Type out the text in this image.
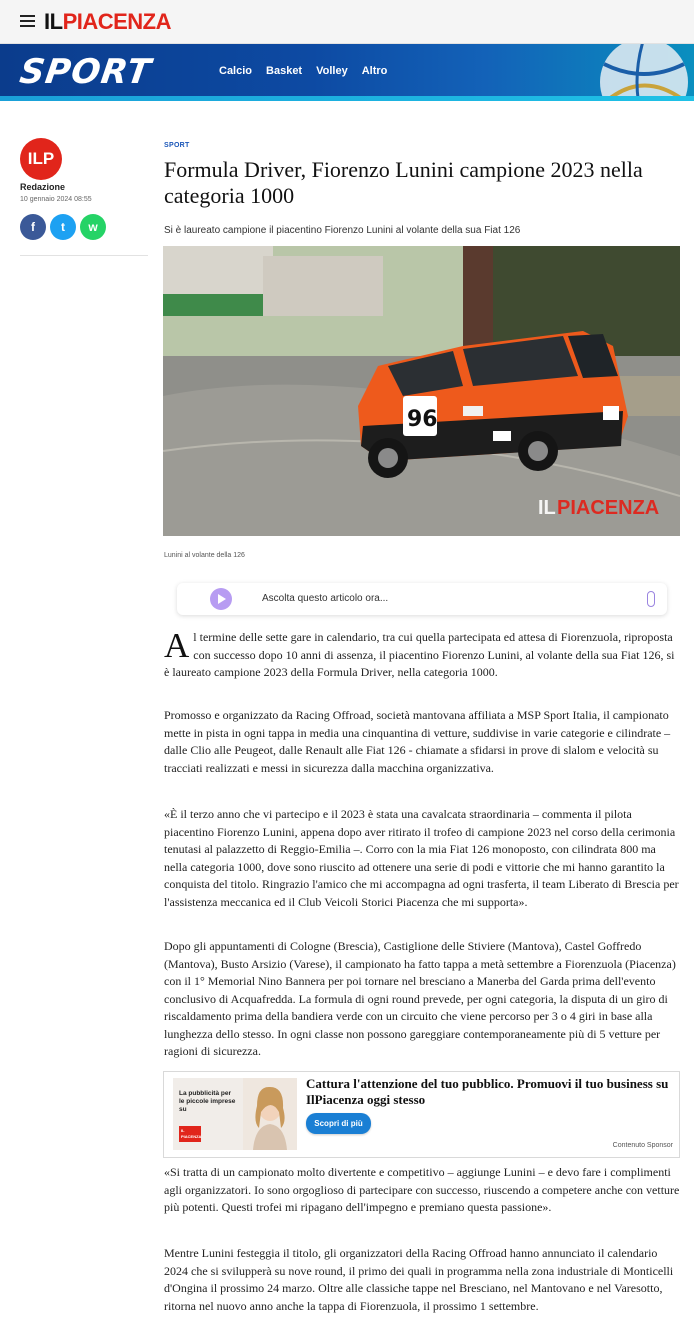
ILPIACENZA
SPORT	Calcio Basket Volley Altro
ILP
Redazione
10 gennaio 2024 08:55
f	t	w
SPORT
Formula Driver, Fiorenzo Lunini campione 2023 nella categoria 1000

Si è laureato campione il piacentino Fiorenzo Lunini al volante della sua Fiat 126

96
IL PIACENZA
Lunini al volante della 126
Ascolta questo articolo ora...
Al termine delle sette gare in calendario, tra cui quella partecipata ed attesa di Fiorenzuola, riproposta con successo dopo 10 anni di assenza, il piacentino Fiorenzo Lunini, al volante della sua Fiat 126, si è laureato campione 2023 della Formula Driver, nella categoria 1000.

Promosso e organizzato da Racing Offroad, società mantovana affiliata a MSP Sport Italia, il campionato mette in pista in ogni tappa in media una cinquantina di vetture, suddivise in varie categorie e cilindrate – dalle Clio alle Peugeot, dalle Renault alle Fiat 126 - chiamate a sfidarsi in prove di slalom e velocità su tracciati realizzati e messi in sicurezza dalla macchina organizzativa.

«È il terzo anno che vi partecipo e il 2023 è stata una cavalcata straordinaria – commenta il pilota piacentino Fiorenzo Lunini, appena dopo aver ritirato il trofeo di campione 2023 nel corso della cerimonia tenutasi al palazzetto di Reggio-Emilia –. Corro con la mia Fiat 126 monoposto, con cilindrata 800 ma nella categoria 1000, dove sono riuscito ad ottenere una serie di podi e vittorie che mi hanno garantito la conquista del titolo. Ringrazio l'amico che mi accompagna ad ogni trasferta, il team Liberato di Brescia per l'assistenza meccanica ed il Club Veicoli Storici Piacenza che mi supporta».

Dopo gli appuntamenti di Cologne (Brescia), Castiglione delle Stiviere (Mantova), Castel Goffredo (Mantova), Busto Arsizio (Varese), il campionato ha fatto tappa a metà settembre a Fiorenzuola (Piacenza) con il 1° Memorial Nino Bannera per poi tornare nel bresciano a Manerba del Garda prima dell'evento conclusivo di Acquafredda. La formula di ogni round prevede, per ogni categoria, la disputa di un giro di riscaldamento prima della bandiera verde con un circuito che viene percorso per 3 o 4 giri in base alla lunghezza dello stesso. In ogni classe non possono gareggiare contemporaneamente più di 5 vetture per ragioni di sicurezza.

La pubblicità per le piccole imprese su
IL PIACENZA
Cattura l'attenzione del tuo pubblico. Promuovi il tuo business su IlPiacenza oggi stesso
Scopri di più
Contenuto Sponsor

«Si tratta di un campionato molto divertente e competitivo – aggiunge Lunini – e devo fare i complimenti agli organizzatori. Io sono orgoglioso di partecipare con successo, riuscendo a competere anche con vetture più potenti. Questi trofei mi ripagano dell'impegno e premiano questa passione».

Mentre Lunini festeggia il titolo, gli organizzatori della Racing Offroad hanno annunciato il calendario 2024 che si svilupperà su nove round, il primo dei quali in programma nella zona industriale di Monticelli d'Ongina il prossimo 24 marzo. Oltre alle classiche tappe nel Bresciano, nel Mantovano e nel Varesotto, ritorna nel nuovo anno anche la tappa di Fiorenzuola, il prossimo 1 settembre.
